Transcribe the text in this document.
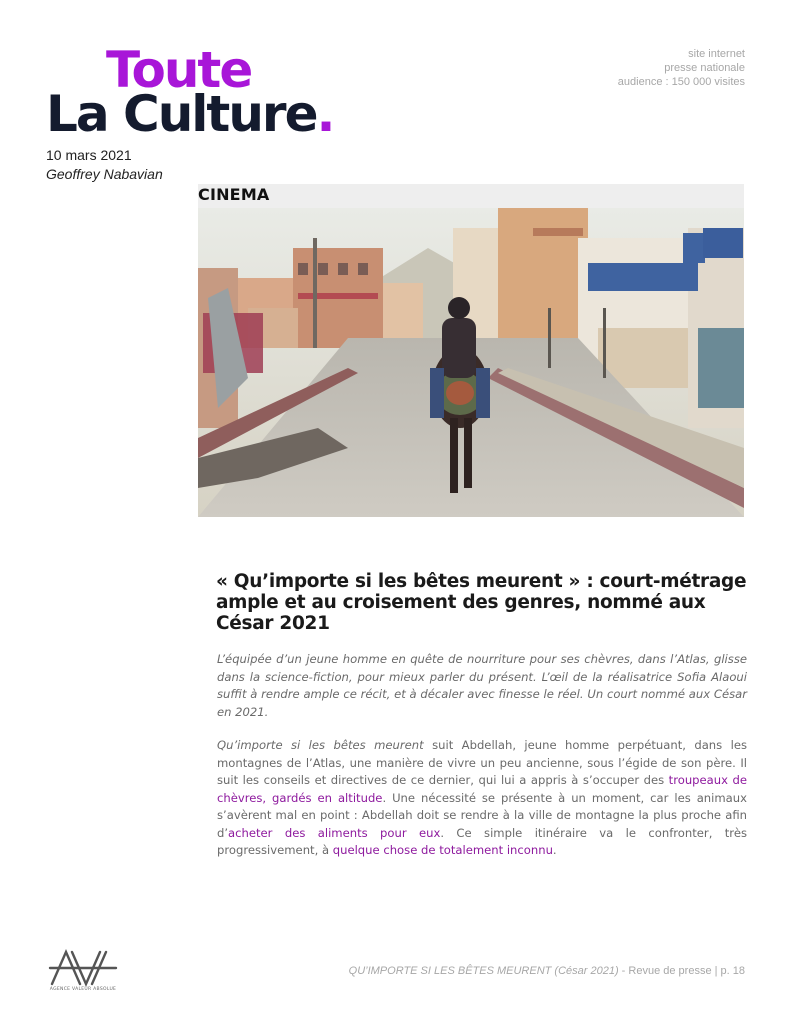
Toute
La Culture.
site internet
presse nationale
audience : 150 000 visites
10 mars 2021
Geoffrey Nabavian
CINEMA
« Qu’importe si les bêtes meurent » : court-métrage ample et au croisement des genres, nommé aux César 2021
L’équipée d’un jeune homme en quête de nourriture pour ses chèvres, dans l’Atlas, glisse dans la science-fiction, pour mieux parler du présent. L’œil de la réalisatrice Sofia Alaoui suffit à rendre ample ce récit, et à décaler avec finesse le réel. Un court nommé aux César en 2021.
Qu’importe si les bêtes meurent suit Abdellah, jeune homme perpétuant, dans les montagnes de l’Atlas, une manière de vivre un peu ancienne, sous l’égide de son père. Il suit les conseils et directives de ce dernier, qui lui a appris à s’occuper des troupeaux de chèvres, gardés en altitude. Une nécessité se présente à un moment, car les animaux s’avèrent mal en point : Abdellah doit se rendre à la ville de montagne la plus proche afin d’acheter des aliments pour eux. Ce simple itinéraire va le confronter, très progressivement, à quelque chose de totalement inconnu.
AGENCE VALEUR ABSOLUE
QU’IMPORTE SI LES BÊTES MEURENT (César 2021) - Revue de presse | p. 18
